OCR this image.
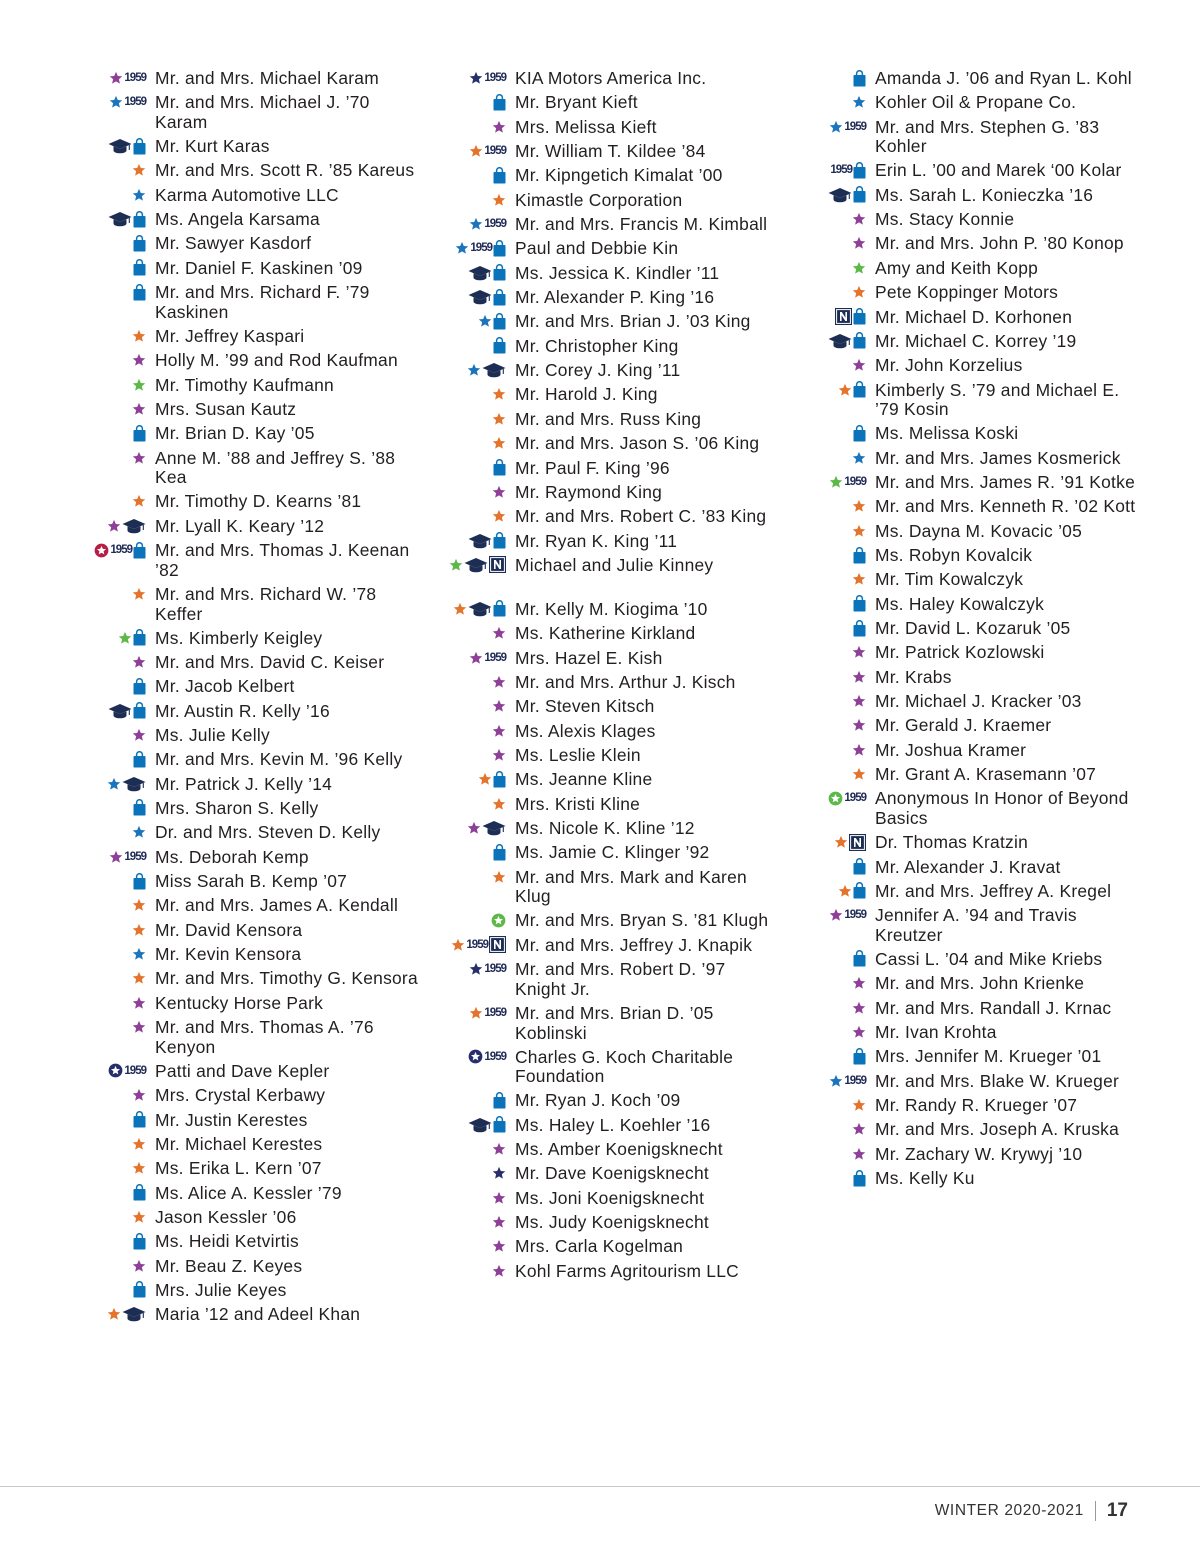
1959 Mr. and Mrs. Michael Karam
1959 Mr. and Mrs. Michael J. ’70 Karam
Mr. Kurt Karas
Mr. and Mrs. Scott R. ’85 Kareus
Karma Automotive LLC
Ms. Angela Karsama
Mr. Sawyer Kasdorf
Mr. Daniel F. Kaskinen ’09
Mr. and Mrs. Richard F. ’79 Kaskinen
Mr. Jeffrey Kaspari
Holly M. ’99 and Rod Kaufman
Mr. Timothy Kaufmann
Mrs. Susan Kautz
Mr. Brian D. Kay ’05
Anne M. ’88 and Jeffrey S. ’88 Kea
Mr. Timothy D. Kearns ’81
Mr. Lyall K. Keary ’12
1959 Mr. and Mrs. Thomas J. Keenan ’82
Mr. and Mrs. Richard W. ’78 Keffer
Ms. Kimberly Keigley
Mr. and Mrs. David C. Keiser
Mr. Jacob Kelbert
Mr. Austin R. Kelly ’16
Ms. Julie Kelly
Mr. and Mrs. Kevin M. ’96 Kelly
Mr. Patrick J. Kelly ’14
Mrs. Sharon S. Kelly
Dr. and Mrs. Steven D. Kelly
1959 Ms. Deborah Kemp
Miss Sarah B. Kemp ’07
Mr. and Mrs. James A. Kendall
Mr. David Kensora
Mr. Kevin Kensora
Mr. and Mrs. Timothy G. Kensora
Kentucky Horse Park
Mr. and Mrs. Thomas A. ’76 Kenyon
1959 Patti and Dave Kepler
Mrs. Crystal Kerbawy
Mr. Justin Kerestes
Mr. Michael Kerestes
Ms. Erika L. Kern ’07
Ms. Alice A. Kessler ’79
Jason Kessler ’06
Ms. Heidi Ketvirtis
Mr. Beau Z. Keyes
Mrs. Julie Keyes
Maria ’12 and Adeel Khan
1959 KIA Motors America Inc.
Mr. Bryant Kieft
Mrs. Melissa Kieft
1959 Mr. William T. Kildee ’84
Mr. Kipngetich Kimalat ’00
Kimastle Corporation
1959 Mr. and Mrs. Francis M. Kimball
1959 Paul and Debbie Kin
Ms. Jessica K. Kindler ’11
Mr. Alexander P. King ’16
Mr. and Mrs. Brian J. ’03 King
Mr. Christopher King
Mr. Corey J. King ’11
Mr. Harold J. King
Mr. and Mrs. Russ King
Mr. and Mrs. Jason S. ’06 King
Mr. Paul F. King ’96
Mr. Raymond King
Mr. and Mrs. Robert C. ’83 King
Mr. Ryan K. King ’11
Michael and Julie Kinney
Mr. Kelly M. Kiogima ’10
Ms. Katherine Kirkland
1959 Mrs. Hazel E. Kish
Mr. and Mrs. Arthur J. Kisch
Mr. Steven Kitsch
Ms. Alexis Klages
Ms. Leslie Klein
Ms. Jeanne Kline
Mrs. Kristi Kline
Ms. Nicole K. Kline ’12
Ms. Jamie C. Klinger ’92
Mr. and Mrs. Mark and Karen Klug
Mr. and Mrs. Bryan S. ’81 Klugh
1959 Mr. and Mrs. Jeffrey J. Knapik
1959 Mr. and Mrs. Robert D. ’97 Knight Jr.
1959 Mr. and Mrs. Brian D. ’05 Koblinski
1959 Charles G. Koch Charitable Foundation
Mr. Ryan J. Koch ’09
Ms. Haley L. Koehler ’16
Ms. Amber Koenigsknecht
Mr. Dave Koenigsknecht
Ms. Joni Koenigsknecht
Ms. Judy Koenigsknecht
Mrs. Carla Kogelman
Kohl Farms Agritourism LLC
Amanda J. ’06 and Ryan L. Kohl
Kohler Oil & Propane Co.
1959 Mr. and Mrs. Stephen G. ’83 Kohler
1959 Erin L. ’00 and Marek ‘00 Kolar
Ms. Sarah L. Konieczka ’16
Ms. Stacy Konnie
Mr. and Mrs. John P. ’80 Konop
Amy and Keith Kopp
Pete Koppinger Motors
Mr. Michael D. Korhonen
Mr. Michael C. Korrey ’19
Mr. John Korzelius
Kimberly S. ’79 and Michael E. ’79 Kosin
Ms. Melissa Koski
Mr. and Mrs. James Kosmerick
1959 Mr. and Mrs. James R. ’91 Kotke
Mr. and Mrs. Kenneth R. ’02 Kott
Ms. Dayna M. Kovacic ’05
Ms. Robyn Kovalcik
Mr. Tim Kowalczyk
Ms. Haley Kowalczyk
Mr. David L. Kozaruk ’05
Mr. Patrick Kozlowski
Mr. Krabs
Mr. Michael J. Kracker ’03
Mr. Gerald J. Kraemer
Mr. Joshua Kramer
Mr. Grant A. Krasemann ’07
1959 Anonymous In Honor of Beyond Basics
Dr. Thomas Kratzin
Mr. Alexander J. Kravat
Mr. and Mrs. Jeffrey A. Kregel
1959 Jennifer A. ’94 and Travis Kreutzer
Cassi L. ’04 and Mike Kriebs
Mr. and Mrs. John Krienke
Mr. and Mrs. Randall J. Krnac
Mr. Ivan Krohta
Mrs. Jennifer M. Krueger ’01
1959 Mr. and Mrs. Blake W. Krueger
Mr. Randy R. Krueger ’07
Mr. and Mrs. Joseph A. Kruska
Mr. Zachary W. Krywyj ’10
Ms. Kelly Ku
WINTER 2020-2021 17
